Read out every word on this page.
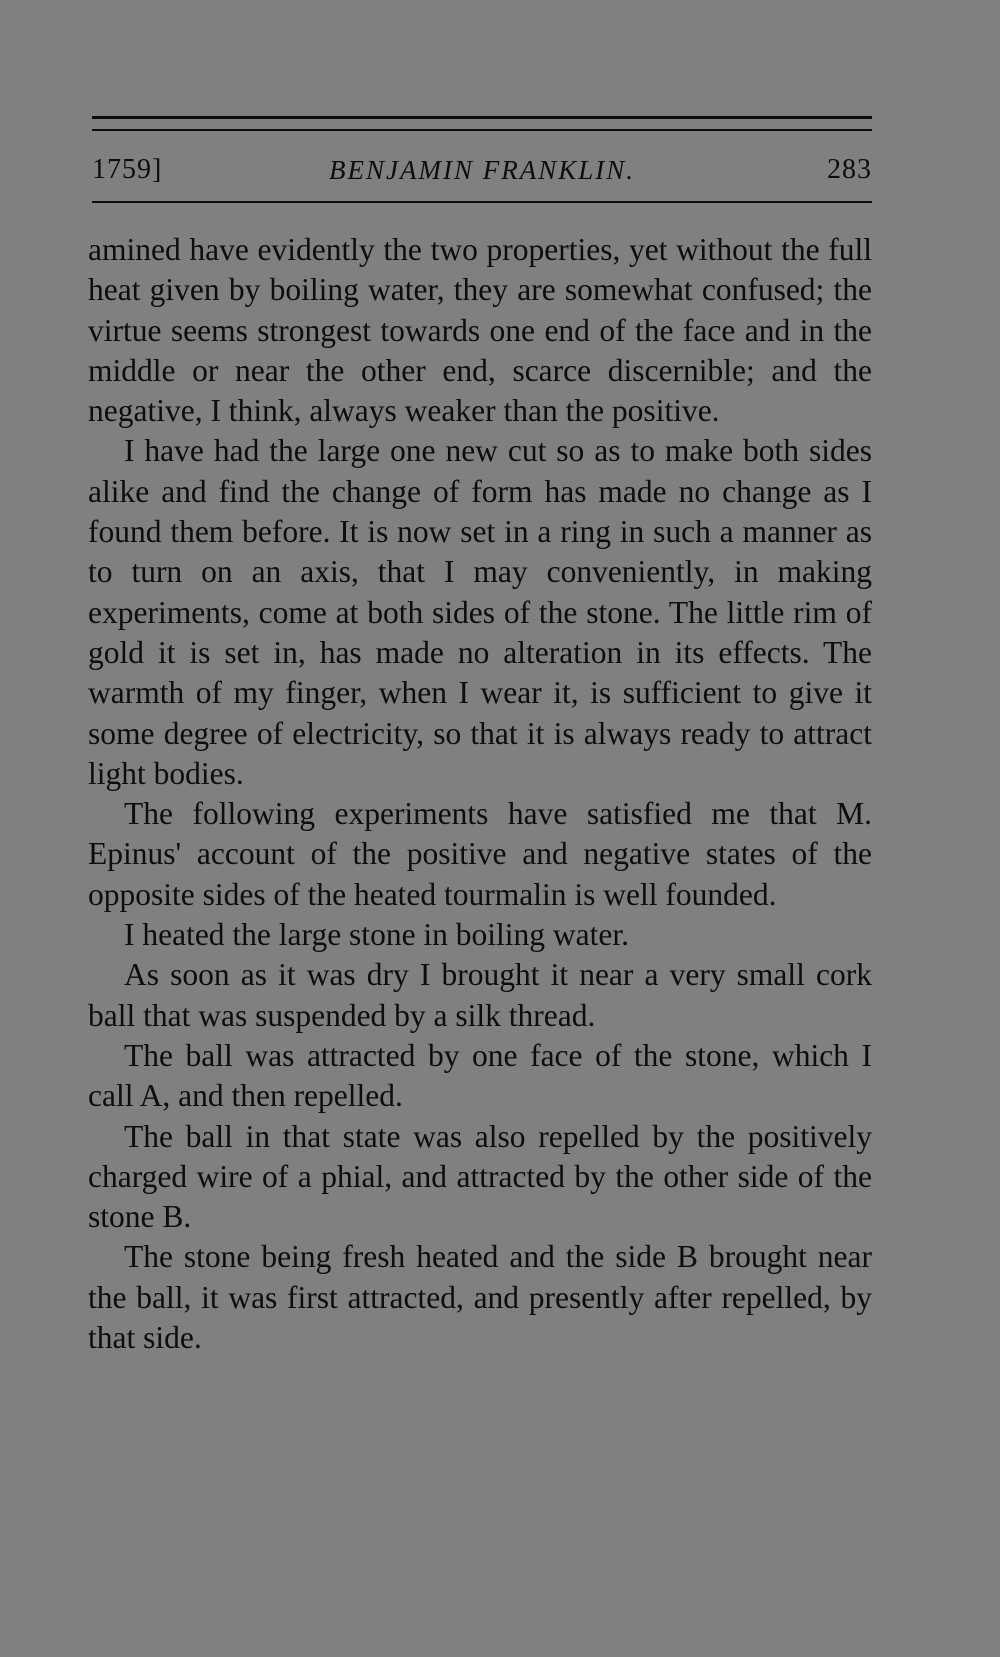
1759]	BENJAMIN FRANKLIN.	283

amined have evidently the two properties, yet without the full heat given by boiling water, they are somewhat confused; the virtue seems strongest towards one end of the face and in the middle or near the other end, scarce discernible; and the negative, I think, always weaker than the positive.

I have had the large one new cut so as to make both sides alike and find the change of form has made no change as I found them before. It is now set in a ring in such a manner as to turn on an axis, that I may conveniently, in making experiments, come at both sides of the stone. The little rim of gold it is set in, has made no alteration in its effects. The warmth of my finger, when I wear it, is sufficient to give it some degree of electricity, so that it is always ready to attract light bodies.

The following experiments have satisfied me that M. Epinus' account of the positive and negative states of the opposite sides of the heated tourmalin is well founded.

I heated the large stone in boiling water.

As soon as it was dry I brought it near a very small cork ball that was suspended by a silk thread.

The ball was attracted by one face of the stone, which I call A, and then repelled.

The ball in that state was also repelled by the positively charged wire of a phial, and attracted by the other side of the stone B.

The stone being fresh heated and the side B brought near the ball, it was first attracted, and presently after repelled, by that side.
